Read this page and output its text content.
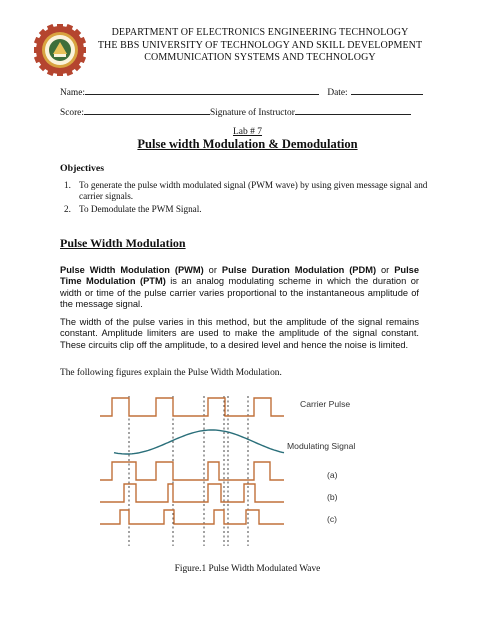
DEPARTMENT OF ELECTRONICS ENGINEERING TECHNOLOGY
THE BBS UNIVERSITY OF TECHNOLOGY AND SKILL DEVELOPMENT
COMMUNICATION SYSTEMS AND TECHNOLOGY
Name:	Date:
Score:	Signature of Instructor
Lab # 7
Pulse width Modulation & Demodulation
Objectives
1. To generate the pulse width modulated signal (PWM wave) by using given message signal and carrier signals.
2. To Demodulate the PWM Signal.
Pulse Width Modulation

Pulse Width Modulation (PWM) or Pulse Duration Modulation (PDM) or Pulse Time Modulation (PTM) is an analog modulating scheme in which the duration or width or time of the pulse carrier varies proportional to the instantaneous amplitude of the message signal.

The width of the pulse varies in this method, but the amplitude of the signal remains constant. Amplitude limiters are used to make the amplitude of the signal constant. These circuits clip off the amplitude, to a desired level and hence the noise is limited.

The following figures explain the Pulse Width Modulation.

Carrier Pulse
Modulating Signal
(a)
(b)
(c)
Figure.1 Pulse Width Modulated Wave
